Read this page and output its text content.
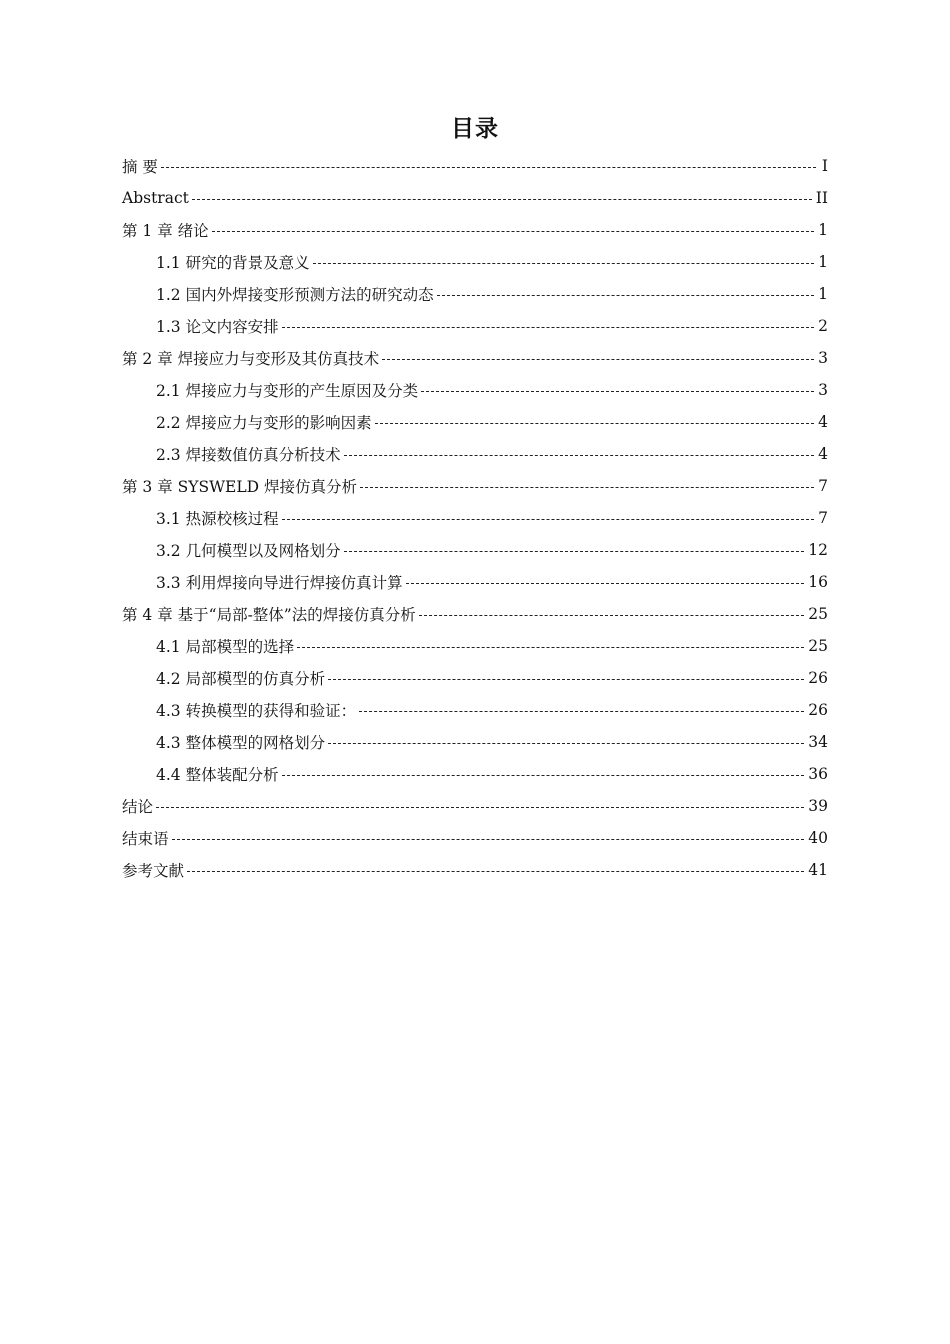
目录
摘 要	I
Abstract	II
第 1 章 绪论	1
1.1 研究的背景及意义	1
1.2 国内外焊接变形预测方法的研究动态	1
1.3 论文内容安排	2
第 2 章 焊接应力与变形及其仿真技术	3
2.1 焊接应力与变形的产生原因及分类	3
2.2 焊接应力与变形的影响因素	4
2.3 焊接数值仿真分析技术	4
第 3 章 SYSWELD 焊接仿真分析	7
3.1 热源校核过程	7
3.2 几何模型以及网格划分	12
3.3 利用焊接向导进行焊接仿真计算	16
第 4 章 基于“局部-整体”法的焊接仿真分析	25
4.1 局部模型的选择	25
4.2 局部模型的仿真分析	26
4.3 转换模型的获得和验证：	26
4.3 整体模型的网格划分	34
4.4 整体装配分析	36
结论	39
结束语	40
参考文献	41
